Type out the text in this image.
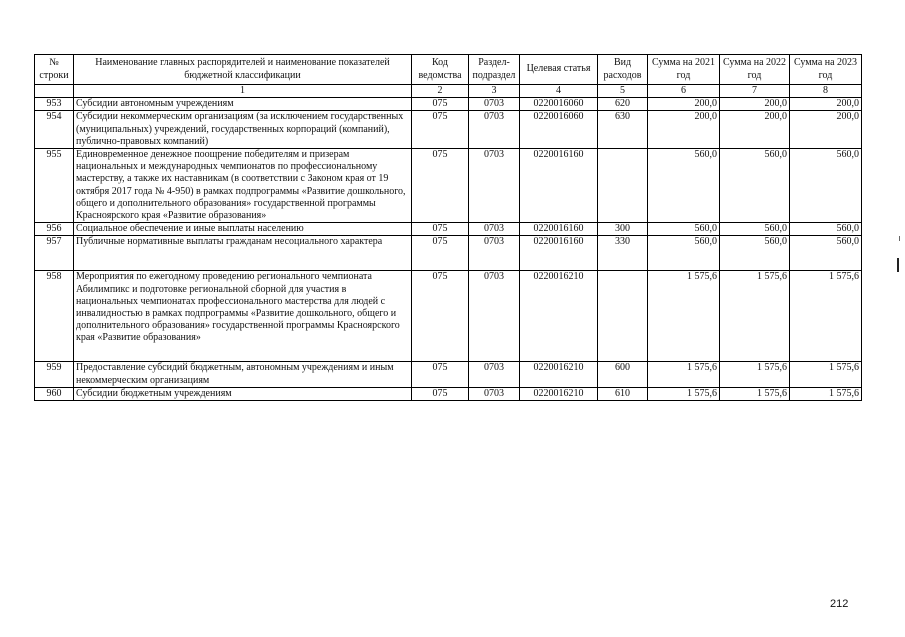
№ строки	Наименование главных распорядителей и наименование показателей бюджетной классификации	Код ведомства	Раздел-подраздел	Целевая статья	Вид расходов	Сумма на 2021 год	Сумма на 2022 год	Сумма на 2023 год
	1	2	3	4	5	6	7	8
953	Субсидии автономным учреждениям	075	0703	0220016060	620	200,0	200,0	200,0
954	Субсидии некоммерческим организациям (за исключением государственных (муниципальных) учреждений, государственных корпораций (компаний), публично-правовых компаний)	075	0703	0220016060	630	200,0	200,0	200,0
955	Единовременное денежное поощрение победителям и призерам национальных и международных чемпионатов по профессиональному мастерству, а также их наставникам (в соответствии с Законом края от 19 октября 2017 года № 4-950) в рамках подпрограммы «Развитие дошкольного, общего и дополнительного образования» государственной программы Красноярского края «Развитие образования»	075	0703	0220016160		560,0	560,0	560,0
956	Социальное обеспечение и иные выплаты населению	075	0703	0220016160	300	560,0	560,0	560,0
957	Публичные нормативные выплаты гражданам несоциального характера	075	0703	0220016160	330	560,0	560,0	560,0
958	Мероприятия по ежегодному проведению регионального чемпионата Абилимпикс и подготовке региональной сборной для участия в национальных чемпионатах профессионального мастерства для людей с инвалидностью в рамках подпрограммы «Развитие дошкольного, общего и дополнительного образования» государственной программы Красноярского края «Развитие образования»	075	0703	0220016210		1 575,6	1 575,6	1 575,6
959	Предоставление субсидий бюджетным, автономным учреждениям и иным некоммерческим организациям	075	0703	0220016210	600	1 575,6	1 575,6	1 575,6
960	Субсидии бюджетным учреждениям	075	0703	0220016210	610	1 575,6	1 575,6	1 575,6
212
